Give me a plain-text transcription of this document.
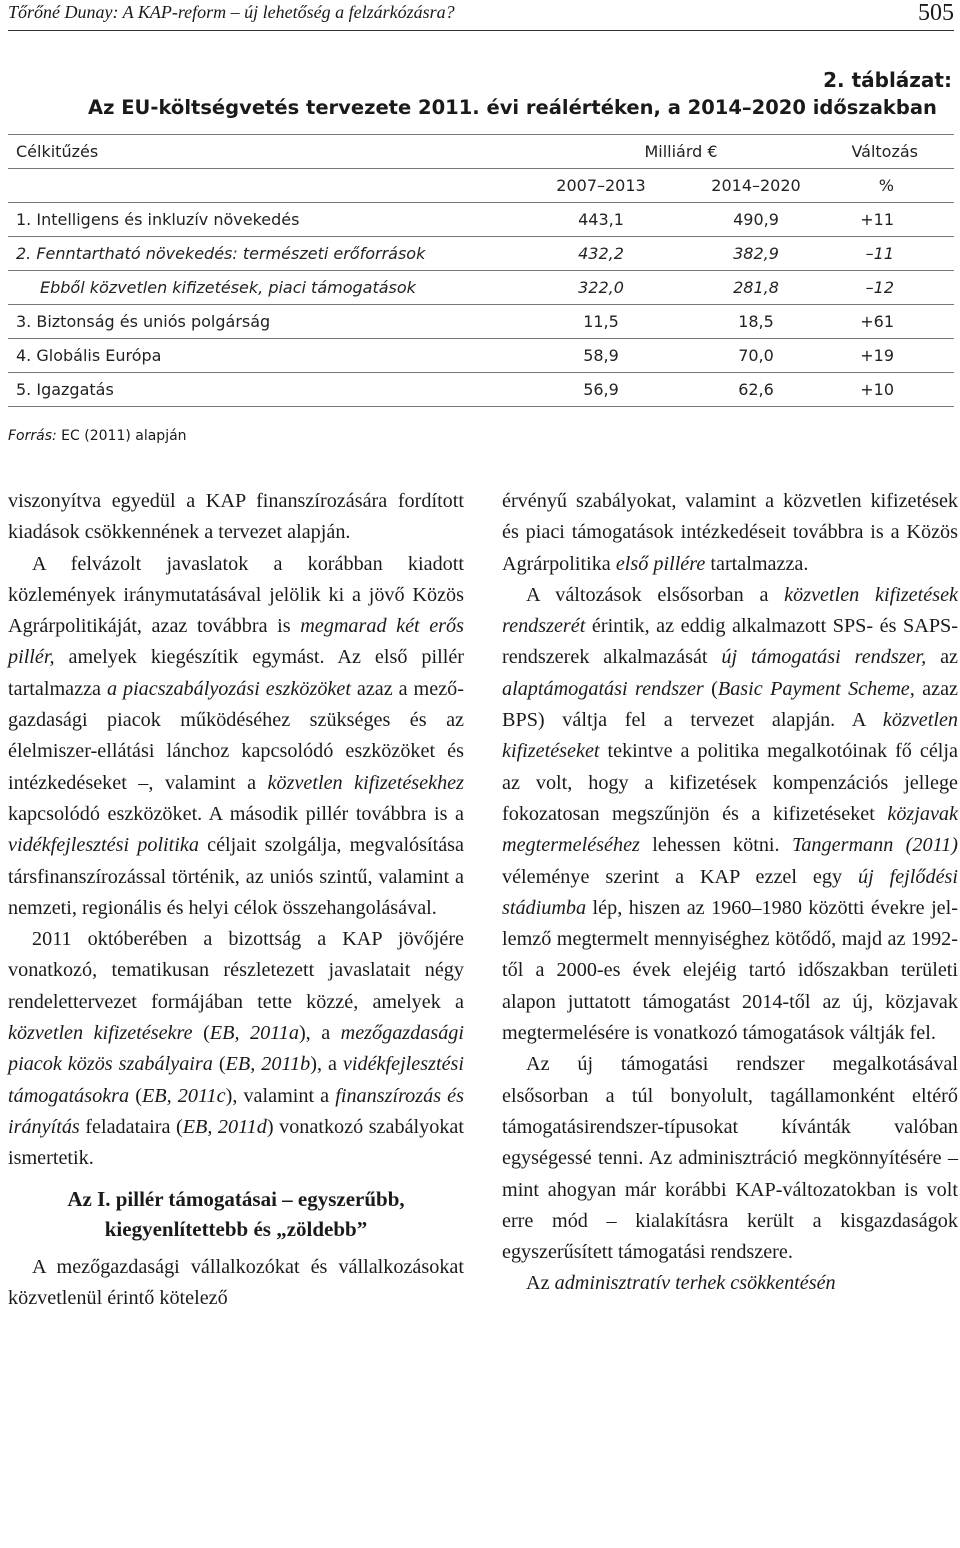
Tőrőné Dunay: A KAP-reform – új lehetőség a felzárkózásra?	505
2. táblázat:
Az EU-költségvetés tervezete 2011. évi reálértéken, a 2014–2020 időszakban
Célkitűzés	Milliárd €		Változás
	2007–2013	2014–2020	%
1. Intelligens és inkluzív növekedés	443,1	490,9	+11
2. Fenntartható növekedés: természeti erőforrások	432,2	382,9	–11
Ebből közvetlen kifizetések, piaci támogatások	322,0	281,8	–12
3. Biztonság és uniós polgárság	11,5	18,5	+61
4. Globális Európa	58,9	70,0	+19
5. Igazgatás	56,9	62,6	+10
Forrás: EC (2011) alapján

viszonyítva egyedül a KAP finanszírozására fordított kiadások csökkennének a tervezet alapján.

A felvázolt javaslatok a korábban kiadott közlemények iránymutatásával jelölik ki a jövő Közös Agrárpolitikáját, azaz továbbra is megmarad két erős pillér, amelyek kiegészítik egymást. Az első pillér tartalmazza a piacszabályozási eszközöket azaz a mezőgazdasági piacok működéséhez szükséges és az élelmiszer-ellátási lánchoz kapcsolódó eszközöket és intézkedéseket –, valamint a közvetlen kifizetésekhez kapcsolódó eszközöket. A második pillér továbbra is a vidékfejlesztési politika céljait szolgálja, megvalósítása társfinanszírozással történik, az uniós szintű, valamint a nemzeti, regionális és helyi célok összehangolásával.

2011 októberében a bizottság a KAP jövőjére vonatkozó, tematikusan részletezett javaslatait négy rendelettervezet formájában tette közzé, amelyek a közvetlen kifizetésekre (EB, 2011a), a mezőgazdasági piacok közös szabályaira (EB, 2011b), a vidékfejlesztési támogatásokra (EB, 2011c), valamint a finanszírozás és irányítás feladataira (EB, 2011d) vonatkozó szabályokat ismertetik.

Az I. pillér támogatásai – egyszerűbb, kiegyenlítettebb és „zöldebb”

A mezőgazdasági vállalkozókat és vállalkozásokat közvetlenül érintő kötelező

érvényű szabályokat, valamint a közvetlen kifizetések és piaci támogatások intézkedéseit továbbra is a Közös Agrárpolitika első pillére tartalmazza.

A változások elsősorban a közvetlen kifizetések rendszerét érintik, az eddig alkalmazott SPS- és SAPS-rendszerek alkalmazását új támogatási rendszer, az alaptámogatási rendszer (Basic Payment Scheme, azaz BPS) váltja fel a tervezet alapján. A közvetlen kifizetéseket tekintve a politika megalkotóinak fő célja az volt, hogy a kifizetések kompenzációs jellege fokozatosan megszűnjön és a kifizetéseket közjavak megtermeléséhez lehessen kötni. Tangermann (2011) véleménye szerint a KAP ezzel egy új fejlődési stádiumba lép, hiszen az 1960–1980 közötti évekre jellemző megtermelt mennyiséghez kötődő, majd az 1992-től a 2000-es évek elejéig tartó időszakban területi alapon juttatott támogatást 2014-től az új, közjavak megtermelésére is vonatkozó támogatások váltják fel.

Az új támogatási rendszer megalkotásával elsősorban a túl bonyolult, tagállamonként eltérő támogatásirendszer-típusokat kívánták valóban egységessé tenni. Az adminisztráció megkönnyítésére – mint ahogyan már korábbi KAP-változatokban is volt erre mód – kialakításra került a kisgazdaságok egyszerűsített támogatási rendszere.

Az adminisztratív terhek csökkentésén
